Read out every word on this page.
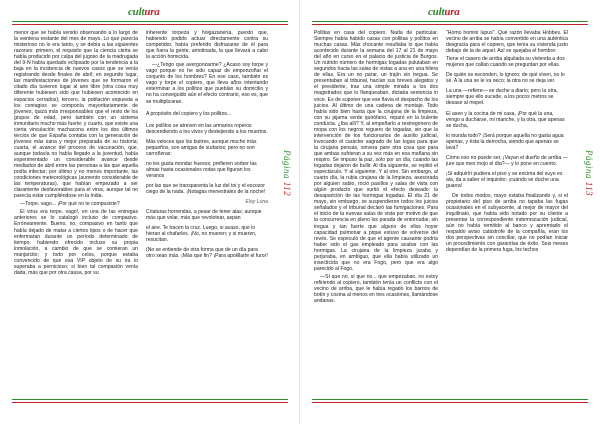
cultura

menor que se había venido observando a lo largo de la veintena restante del mes de mayo. Lo que parecía misterioso no lo era tanto, y se debía a las siguientes razones: primero, el requisito que la ciencia cierta se había producido por culpa del jugoso de la madrugada del 9-N había quedado eclipsado por la tendencia a la baja en la incidencia de nuevos casos que se venía registrando desde finales de abril; en segundo lugar, las manifestaciones de jóvenes que se formaron el citado día tuvieron lugar al aire libre (otra cosa muy diferente hubiesen sido que hubiesen acontecido en espacios cerrados); tercero, la población expuesta a los contagios se componía mayoritariamente de jóvenes, quizá más irresponsables que el resto de los grupos de edad, pero también con un sistema inmunitario mucho más fuerte; y cuarto, que existe una cierta vinculación machacona entre los dos últimos tercios de que España contaba con la generación de jóvenes más sana y mejor preparada de su historia; cuarta, el avance del proceso de vacunación, que, aunque todavía no había llegado a la juventud, había experimentado un considerable avance desde mediados de abril entre las personas a las que aquella podía infectar; por último y no menos importante, las condiciones meteorológicas (aumento considerable de las temperaturas), que habían empezado a ser claramente desfavorables para el virus, aunque tal no parecía estar cumpliéndose en la India.

—Torpe, vago... ¡Por qué no te compusiste?

El virus era torpe, vago!, en una de las entregas anteriores se lo catalogó incluso de compasivo. Erróneamente. Bueno, no; compasivo en tanto que había dejado de matar a ciertos tipos o de hacer que enfermaran durante un período determinado de tiempo, habiendo ofrecido incluso su propia inmolación, a cambio de que se comieran un manjarcito; y todo por celos, porque estaba convencido de que esa VIP objeto de su ira lo superaba a pernicioso; si bien tal compasión venía dada, más que por otra causa, por su

inherente torpeza y holgazanería, puesto que, habiendo podido actuar directamente contra su competidor, había preferido disfrazarse de él para que fuera la gente, amotinada, la que llevará a cabo la acción homicida.

—¿Tengo que avergonzarme? ¿Acaso soy torpe y vago porque no he sido capaz de emponzoñar el conjunto de los hombres? En ese caso, también es vago y torpe el copiero, que lleva años intentando exterminar a los pollitos que pueblan su domicilio y no ha conseguido aún el efecto contrario, eso es, que se multiplicaran.

A propósito del copiero y los pollitos...

Los pollitos se atreven en las armarios roperos descendiendo a los vivos y destejiendo a los muertos.

Más veloces que los buitres, aunque mucho más pequeños, son amigas de sudarios; pero no son carroñeras:

no les gusta mondar huesos; prefieren sorber las almas hasta ocasionales notas que figuran los veranos

por las que se transparenta la luz del toi y el escozor ciego de la nada. ¡Notagas menestrales de la noche!

Eloy Luna

Criaturas horrendas, a pesar de tener alas; aunque más que volar, más que revolotear, aspan

el aire. Te tracen la cruz. Luego, si acaso, que lo hieran al chafarles. ¡No, no mueren; y si mueren, resucitan.

(No se entiende de otra forma que de un día para otro sean más. ¡Más que fin? ¡Para apolillarte el furor!

Página 112
cultura

Pollitas en casa del copiero. Nada de particular. Siempre había habido casas con pollitas y pollitos en muchas casas. Más chocante resultaba lo que había acontecido durante la semana del 17 al 21 de mayo del año en curso en el palacio de justicia de Burgos. Un nutrido número de hormigas togadas pululaban en segundos hacia las salas de vistas a una en una hilera de ellas. Era un no parar, un trajín sin tregua. Se presentaban al tribunal, hacían sus breves alegatos y el presidente, tras una simple mirada a los dos magistrados que lo flanqueaban, dictaba sentencia in voce. Es de suponer que ese flavia el despacho de los juicios. Al último de una cadena de montaje. Todo había sido bien hasta que la cirujana de la limpieza, con su pijama verde quirófano, reparó en la bulente conducta. ¿Iba allí? Y, al empeñarlo a restregonero de mopa con los negros reguero de togadas, sin que la intervención de los funcionarios de auxilio judicial, invocando el carácter sagrado de las togas para que la cirujana pensás, sinvera pare otra cosa que para que ambas sufrieran a su vez más en esa mañana sin respiro. Se impuso la paz, solo por un día, cuando las togadas dejaron de bullir. Al día siguiente, se repitió el espectáculo. Y al siguiente. Y al otro. Sin embargo, al cuarto día, la rubia cirujana de la limpieza, asesorada por alguien sabio, roció pasillos y salas de vista con algún producto que surtió el efecto deseado: la desaparición de las hormigas togadas. El día 21 de mayo, sin embargo, se suspendieron todos los juicios señalados y el tribunal declaró las fumigaciones. Para el inicio de la nuevas salas de vista por motivo de que la concurrencia en pleno los parada de entornudar, sin tregua y tan fuerte que alguno de ellos hoyer capacidad pulmonar a pique estuvo de volverse del revés. Se especuló de que el agente causante podría haber sido el gas empleado para acabar con las hormigas. La cirujana de la limpieza juraba y perjuraba, en ambiguo, que ella había utilizado un insecticida que no era Fogo, pero que era algo parecido al Fogo.

—Sí que no, sí que no... que empezaban, no estoy refiriendo al copiero, también tenía un conflicto con el vecino de arriba, que le había regado los barrios de botín y cosina al menos en tres ocasiones, llamándose andanas.

"Homo homini lupus". Qué razón llevaba Hobbes. El vecino de arriba se había convertido en una auténtica desgracia para el copiero, que tenía su vivienda justo debajo de la de aquel. Así se quejaba el hombre:

Tiene el casero de arriba alquilada su vivienda a dos mujeres que callan cuando se preguntan por ellas.

De quién se esconden, lo ignoro; de qué viven, no lo sé. A la una se le va oeco; la otra no se deja ver.

La una —refiere— se duche a diario; pero la otra, siempre que ello sucede, a los pocos metros se desase al mopel.

El aseo y la cocina de mi casa, ¡Por qué la una, vengo a ducharse, mi manche, y la otra, que apenas se ducha,

lo inunda todo? ¡Será porque aquella no gasta agua apenas, y ésta la derrocha, siendo que apenas se lava?

Cómo eso no puede ser, ¡Vayan el dueño de arriba —jure que mes mojo el día?— y lo pone en cuento.

¡Si adquiríri pudiera el piso y se encima del suyo es ala, da a saber el inquinito: ¡cuándo se duche una guarra!

De todos modos, mayo estaba finalizando y, si el propietario del piso de arriba no tapaba las fugas ocasionales en el subyacente, al mejor de mayor del inquilinato, que había sido notado por su cliente a presentar la correspondiente indemnización judicial, aún no había remitido al banco y apremiado el respaldo aviso catástrofe de la compañía, eran los dos perspectivas sin conciliar, que no podían iniciar un procedimiento con garantías de éxito. Seis meses dependían de la primera fuga, los techos

Página 113
